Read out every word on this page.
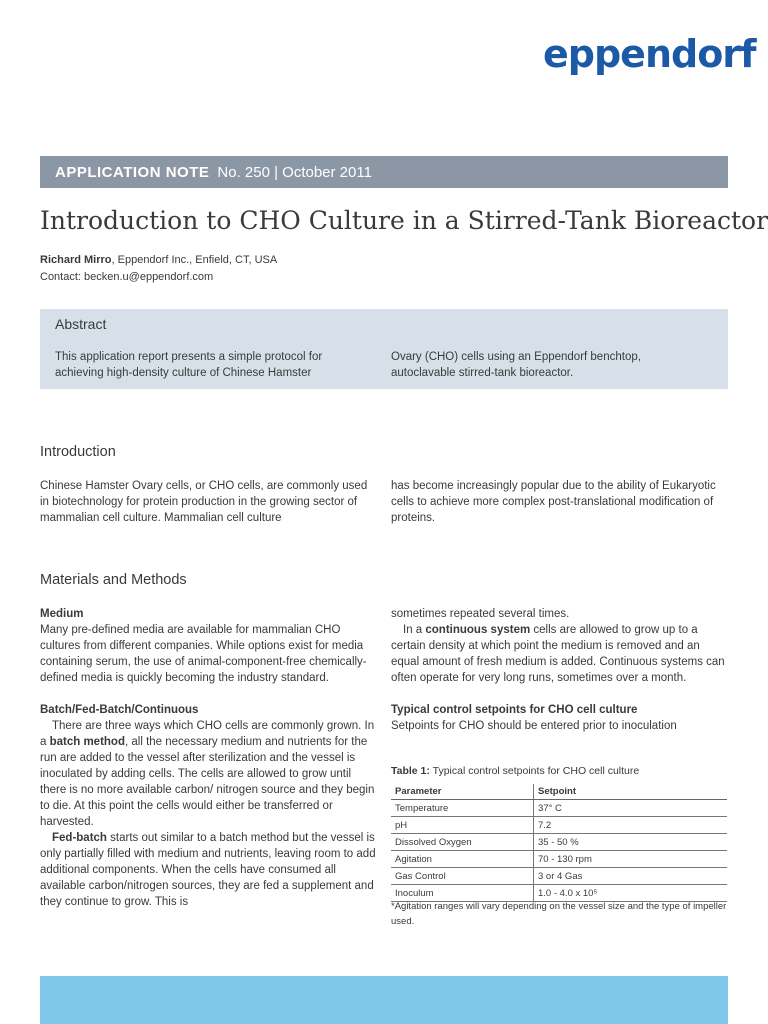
eppendorf
APPLICATION NOTE No. 250 | October 2011
Introduction to CHO Culture in a Stirred-Tank Bioreactor
Richard Mirro, Eppendorf Inc., Enfield, CT, USA
Contact: becken.u@eppendorf.com
Abstract
This application report presents a simple protocol for achieving high-density culture of Chinese Hamster
Ovary (CHO) cells using an Eppendorf benchtop, autoclavable stirred-tank bioreactor.
Introduction
Chinese Hamster Ovary cells, or CHO cells, are commonly used in biotechnology for protein production in the growing sector of mammalian cell culture. Mammalian cell culture
has become increasingly popular due to the ability of Eukaryotic cells to achieve more complex post-translational modification of proteins.
Materials and Methods

Medium

Many pre-defined media are available for mammalian CHO cultures from different companies. While options exist for media containing serum, the use of animal-component-free chemically-defined media is quickly becoming the industry standard.

Batch/Fed-Batch/Continuous

There are three ways which CHO cells are commonly grown. In a batch method, all the necessary medium and nutrients for the run are added to the vessel after sterilization and the vessel is inoculated by adding cells. The cells are allowed to grow until there is no more available carbon/ nitrogen source and they begin to die. At this point the cells would either be transferred or harvested.

Fed-batch starts out similar to a batch method but the vessel is only partially filled with medium and nutrients, leaving room to add additional components. When the cells have consumed all available carbon/nitrogen sources, they are fed a supplement and they continue to grow. This is

sometimes repeated several times.

In a continuous system cells are allowed to grow up to a certain density at which point the medium is removed and an equal amount of fresh medium is added. Continuous systems can often operate for very long runs, sometimes over a month.

Typical control setpoints for CHO cell culture

Setpoints for CHO should be entered prior to inoculation

Table 1: Typical control setpoints for CHO cell culture
Parameter	Setpoint
Temperature	37° C
pH	7.2
Dissolved Oxygen	35 - 50 %
Agitation	70 - 130 rpm
Gas Control	3 or 4 Gas
Inoculum	1.0 - 4.0 x 10⁵
*Agitation ranges will vary depending on the vessel size and the type of impeller used.
